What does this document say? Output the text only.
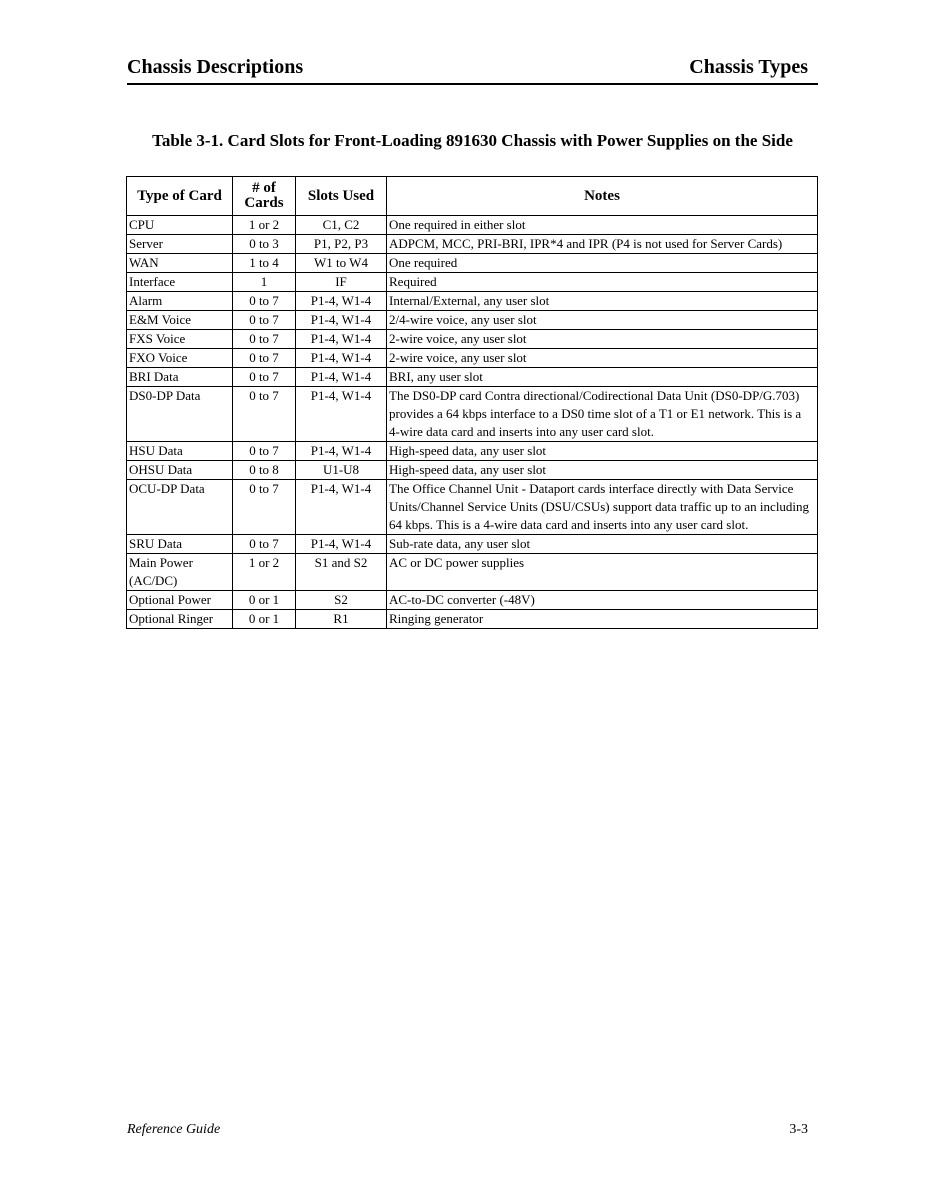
Chassis Descriptions	Chassis Types
Table 3-1. Card Slots for Front-Loading 891630 Chassis with Power Supplies on the Side
Type of Card	# of Cards	Slots Used	Notes
CPU	1 or 2	C1, C2	One required in either slot
Server	0 to 3	P1, P2, P3	ADPCM, MCC, PRI-BRI, IPR*4 and IPR (P4 is not used for Server Cards)
WAN	1 to 4	W1 to W4	One required
Interface	1	IF	Required
Alarm	0 to 7	P1-4, W1-4	Internal/External, any user slot
E&M Voice	0 to 7	P1-4, W1-4	2/4-wire voice, any user slot
FXS Voice	0 to 7	P1-4, W1-4	2-wire voice, any user slot
FXO Voice	0 to 7	P1-4, W1-4	2-wire voice, any user slot
BRI Data	0 to 7	P1-4, W1-4	BRI, any user slot
DS0-DP Data	0 to 7	P1-4, W1-4	The DS0-DP card Contra directional/Codirectional Data Unit (DS0-DP/G.703) provides a 64 kbps interface to a DS0 time slot of a T1 or E1 network. This is a 4-wire data card and inserts into any user card slot.
HSU Data	0 to 7	P1-4, W1-4	High-speed data, any user slot
OHSU Data	0 to 8	U1-U8	High-speed data, any user slot
OCU-DP Data	0 to 7	P1-4, W1-4	The Office Channel Unit - Dataport cards interface directly with Data Service Units/Channel Service Units (DSU/CSUs) support data traffic up to an including 64 kbps. This is a 4-wire data card and inserts into any user card slot.
SRU Data	0 to 7	P1-4, W1-4	Sub-rate data, any user slot
Main Power (AC/DC)	1 or 2	S1 and S2	AC or DC power supplies
Optional Power	0 or 1	S2	AC-to-DC converter (-48V)
Optional Ringer	0 or 1	R1	Ringing generator
Reference Guide	3-3
